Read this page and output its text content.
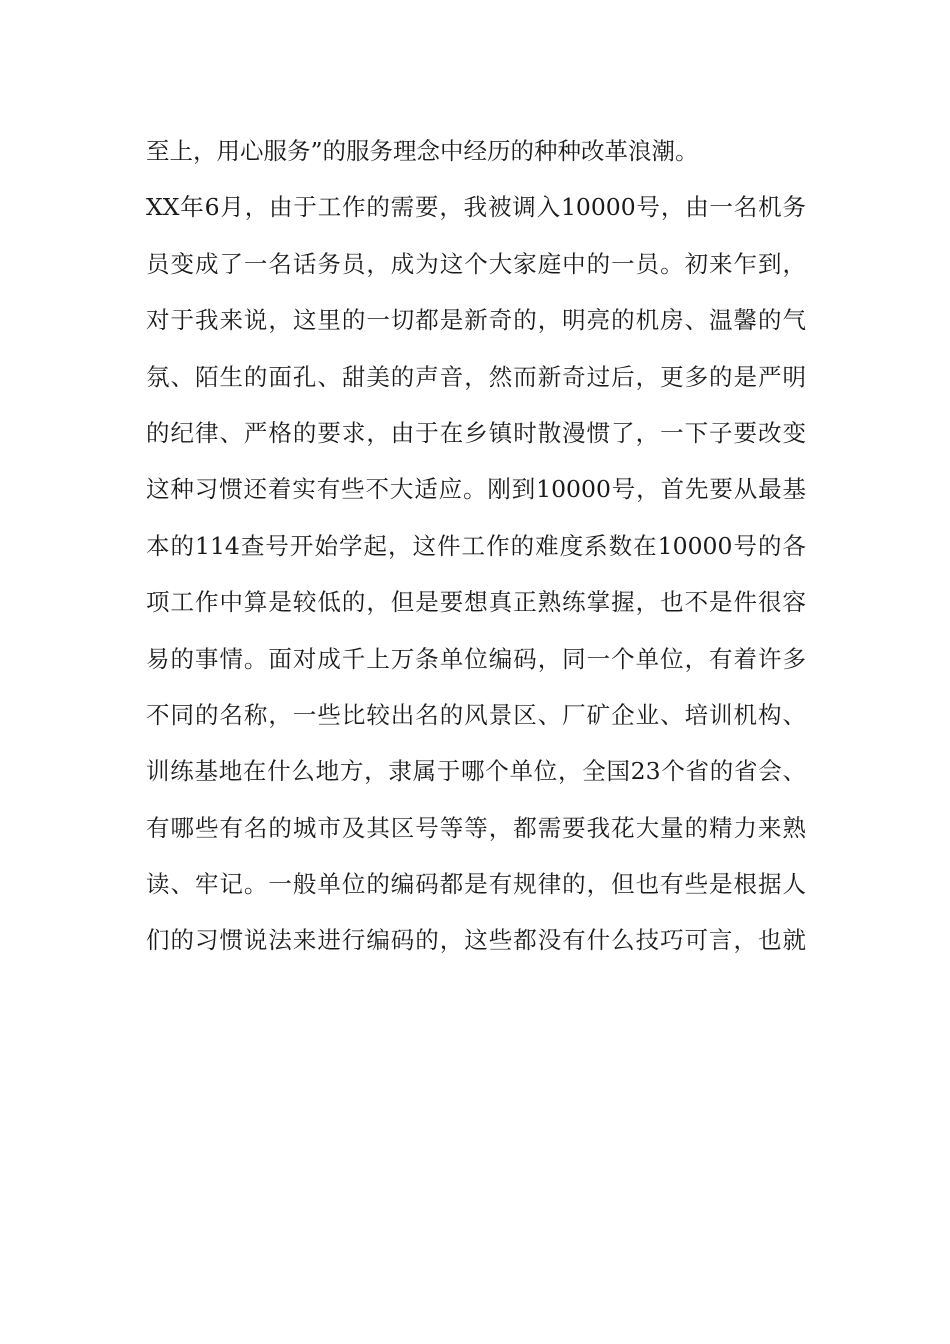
至上，用心服务”的服务理念中经历的种种改革浪潮。
XX年6月，由于工作的需要，我被调入10000号，由一名机务
员变成了一名话务员，成为这个大家庭中的一员。初来乍到，
对于我来说，这里的一切都是新奇的，明亮的机房、温馨的气
氛、陌生的面孔、甜美的声音，然而新奇过后，更多的是严明
的纪律、严格的要求，由于在乡镇时散漫惯了，一下子要改变
这种习惯还着实有些不大适应。刚到10000号，首先要从最基
本的114查号开始学起，这件工作的难度系数在10000号的各
项工作中算是较低的，但是要想真正熟练掌握，也不是件很容
易的事情。面对成千上万条单位编码，同一个单位，有着许多
不同的名称，一些比较出名的风景区、厂矿企业、培训机构、
训练基地在什么地方，隶属于哪个单位，全国23个省的省会、
有哪些有名的城市及其区号等等，都需要我花大量的精力来熟
读、牢记。一般单位的编码都是有规律的，但也有些是根据人
们的习惯说法来进行编码的，这些都没有什么技巧可言，也就
